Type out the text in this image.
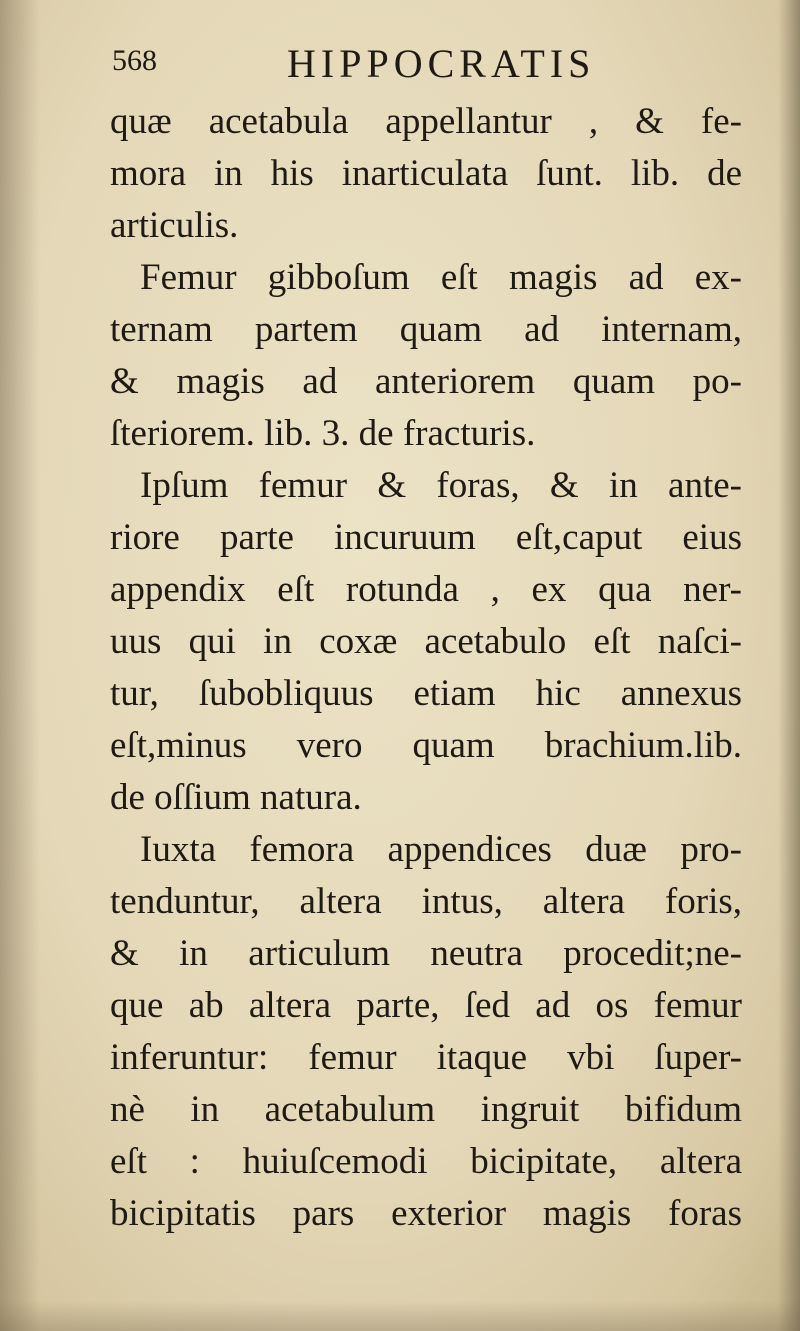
568	HIPPOCRATIS
quæ acetabula appellantur , & fe-
mora in his inarticulata ſunt. lib. de
articulis.
Femur gibboſum eſt magis ad ex-
ternam partem quam ad internam,
& magis ad anteriorem quam po-
ſteriorem. lib. 3. de fracturis.
Ipſum femur & foras, & in ante-
riore parte incuruum eſt,caput eius
appendix eſt rotunda , ex qua ner-
uus qui in coxæ acetabulo eſt naſci-
tur, ſubobliquus etiam hic annexus
eſt,minus vero quam brachium.lib.
de oſſium natura.
Iuxta femora appendices duæ pro-
tenduntur, altera intus, altera foris,
& in articulum neutra procedit;ne-
que ab altera parte, ſed ad os femur
inferuntur: femur itaque vbi ſuper-
nè in acetabulum ingruit bifidum
eſt : huiuſcemodi bicipitate, altera
bicipitatis pars exterior magis foras
